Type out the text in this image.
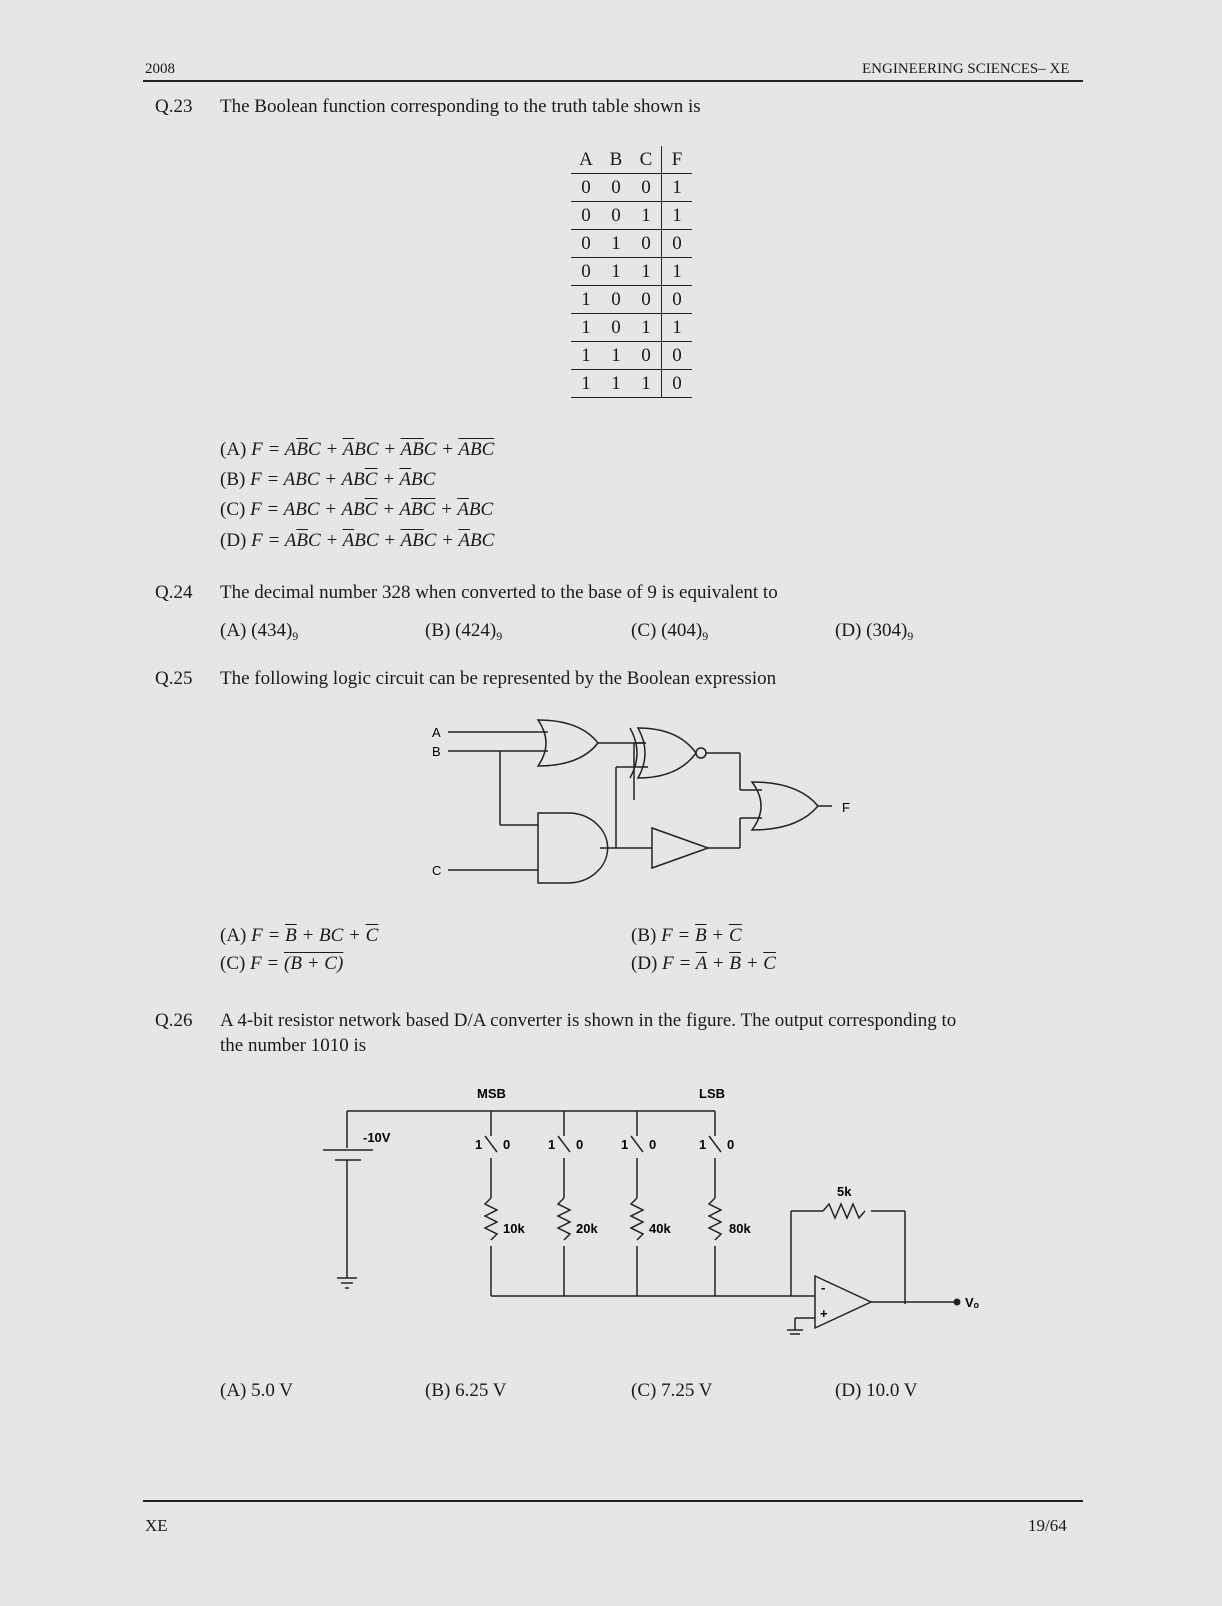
2008	ENGINEERING SCIENCES– XE
Q.23 The Boolean function corresponding to the truth table shown is
A	B	C	F
0	0	0	1
0	0	1	1
0	1	0	0
0	1	1	1
1	0	0	0
1	0	1	1
1	1	0	0
1	1	1	0
(A) $F = A\overline{B}C + \overline{A}BC + \overline{A}\overline{B}C + \overline{A}\overline{B}\overline{C}$
(B) F = ABC + $AB\overline{C} + \overline{A}BC$
(C) F = ABC + $AB\overline{C} + A\overline{B}\overline{C} + \overline{A}BC$
(D) $F = A\overline{B}C + \overline{A}BC + \overline{A}\overline{B}C + \overline{A}BC$
Q.24 The decimal number 328 when converted to the base of 9 is equivalent to
(A) $(434)_9$	(B) $(424)_9$	(C) $(404)_9$	(D) $(304)_9$
Q.25 The following logic circuit can be represented by the Boolean expression
A
B
C
F
(A) $F = \overline{B}$ + BC + $\overline{C}$	(B) $F = \overline{B} + \overline{C}$
(C) F = (B + C)	(D) $F = \overline{A} + \overline{B} + \overline{C}$
Q.26 A 4-bit resistor network based D/A converter is shown in the figure. The output corresponding to
the number 1010 is
-10V
MSB	LSB
1 0	1 0	1 0	1 0
10k	20k	40k	80k
5k
-
+
Vₒ
(A) 5.0 V	(B) 6.25 V	(C) 7.25 V	(D) 10.0 V
XE	19/64
